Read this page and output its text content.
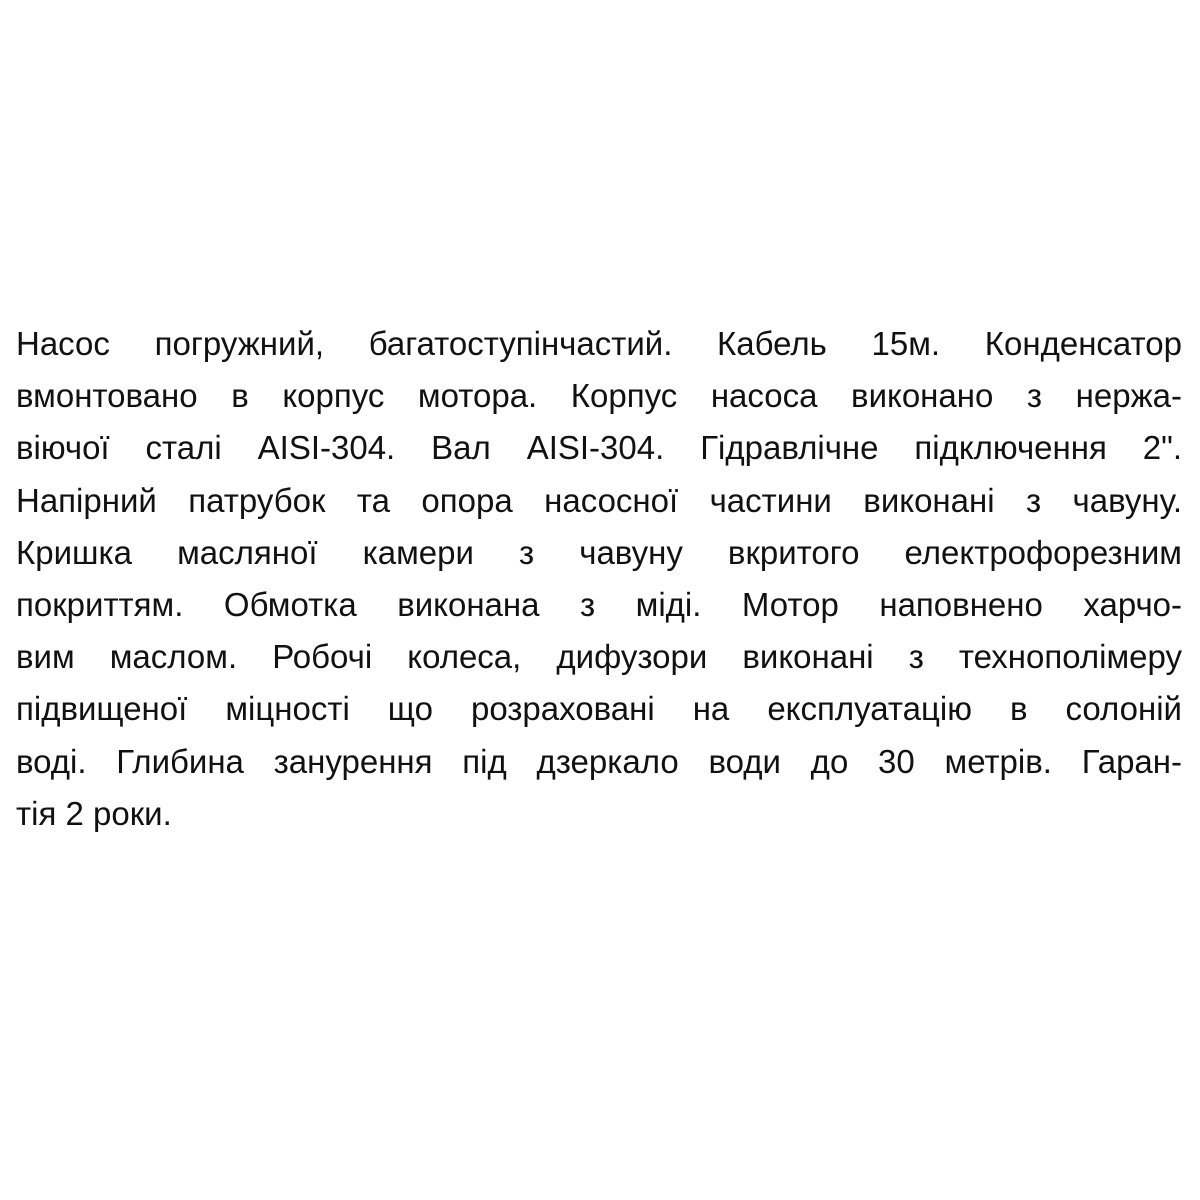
Насос погружний, багатоступінчастий. Кабель 15м. Конденсатор
вмонтовано в корпус мотора. Корпус насоса виконано з нержа-
віючої сталі AISI-304. Вал AISI-304. Гідравлічне підключення 2".
Напірний патрубок та опора насосної частини виконані з чавуну.
Кришка масляної камери з чавуну вкритого електрофорезним
покриттям. Обмотка виконана з міді. Мотор наповнено харчо-
вим маслом. Робочі колеса, дифузори виконані з технополімеру
підвищеної міцності що розраховані на експлуатацію в солоній
воді. Глибина занурення під дзеркало води до 30 метрів. Гаран-
тія 2 роки.
